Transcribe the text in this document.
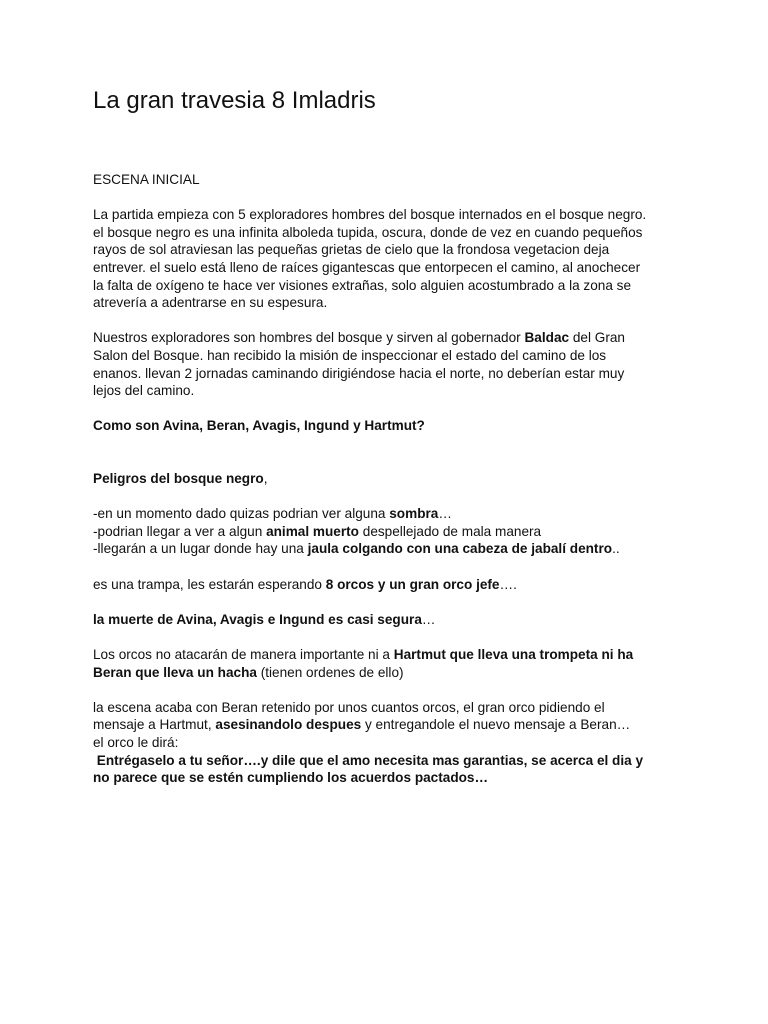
La gran travesia 8 Imladris

ESCENA INICIAL

La partida empieza con 5 exploradores hombres del bosque internados en el bosque negro.

el bosque negro es una infinita alboleda tupida, oscura, donde de vez en cuando pequeños

rayos de sol atraviesan las pequeñas grietas de cielo que la frondosa vegetacion deja

entrever. el suelo está lleno de raíces gigantescas que entorpecen el camino, al anochecer

la falta de oxígeno te hace ver visiones extrañas, solo alguien acostumbrado a la zona se

atrevería a adentrarse en su espesura.

Nuestros exploradores son hombres del bosque y sirven al gobernador Baldac del Gran

Salon del Bosque. han recibido la misión de inspeccionar el estado del camino de los

enanos. llevan 2 jornadas caminando dirigiéndose hacia el norte, no deberían estar muy

lejos del camino.

Como son Avina, Beran, Avagis, Ingund y Hartmut?

Peligros del bosque negro,

-en un momento dado quizas podrian ver alguna sombra…

-podrian llegar a ver a algun animal muerto despellejado de mala manera

-llegarán a un lugar donde hay una jaula colgando con una cabeza de jabalí dentro..

es una trampa, les estarán esperando 8 orcos y un gran orco jefe….

la muerte de Avina, Avagis e Ingund es casi segura…

Los orcos no atacarán de manera importante ni a Hartmut que lleva una trompeta ni ha

Beran que lleva un hacha (tienen ordenes de ello)

la escena acaba con Beran retenido por unos cuantos orcos, el gran orco pidiendo el

mensaje a Hartmut, asesinandolo despues y entregandole el nuevo mensaje a Beran…

el orco le dirá:

Entrégaselo a tu señor….y dile que el amo necesita mas garantias, se acerca el dia y

no parece que se estén cumpliendo los acuerdos pactados…
